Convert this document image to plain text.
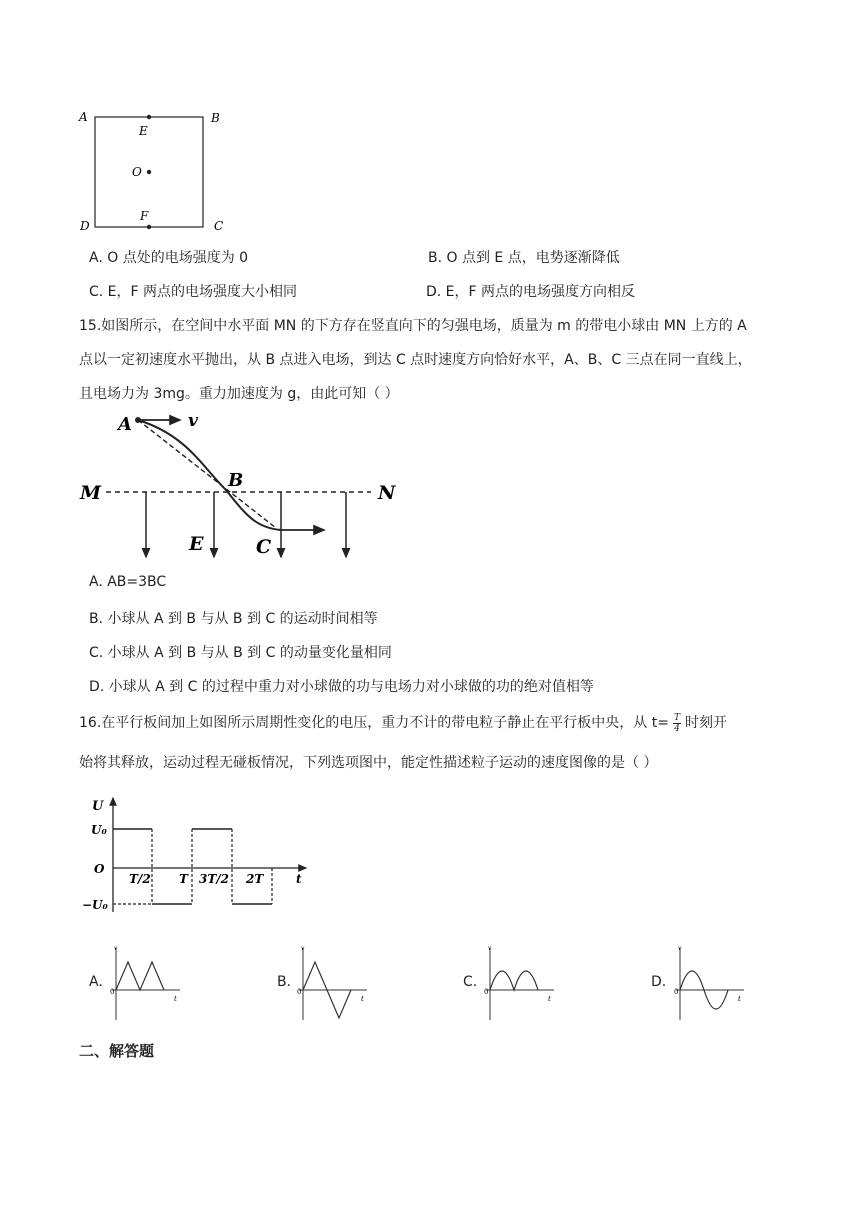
A	B
E
O
F
D	C
A. O 点处的电场强度为 0	B. O 点到 E 点，电势逐渐降低
C. E，F 两点的电场强度大小相同	D. E，F 两点的电场强度方向相反
15.如图所示，在空间中水平面 MN 的下方存在竖直向下的匀强电场，质量为 m 的带电小球由 MN 上方的 A
点以一定初速度水平抛出，从 B 点进入电场，到达 C 点时速度方向恰好水平，A、B、C 三点在同一直线上，
且电场力为 3mg。重力加速度为 g，由此可知（ ）
A	v
B
M	N
E	C
A. AB=3BC
B. 小球从 A 到 B 与从 B 到 C 的运动时间相等
C. 小球从 A 到 B 与从 B 到 C 的动量变化量相同
D. 小球从 A 到 C 的过程中重力对小球做的功与电场力对小球做的功的绝对值相等
16.在平行板间加上如图所示周期性变化的电压，重力不计的带电粒子静止在平行板中央，从 $t= \frac{T}{4}$ 时刻开
始将其释放，运动过程无碰板情况，下列选项图中，能定性描述粒子运动的速度图像的是（ ）
U
U₀
O
−U₀
T/2 T 3T/2 2T	t
A.
v
0
t
B.
v
0
t
C.
v
0
t
D.
v
0
t
二、解答题
